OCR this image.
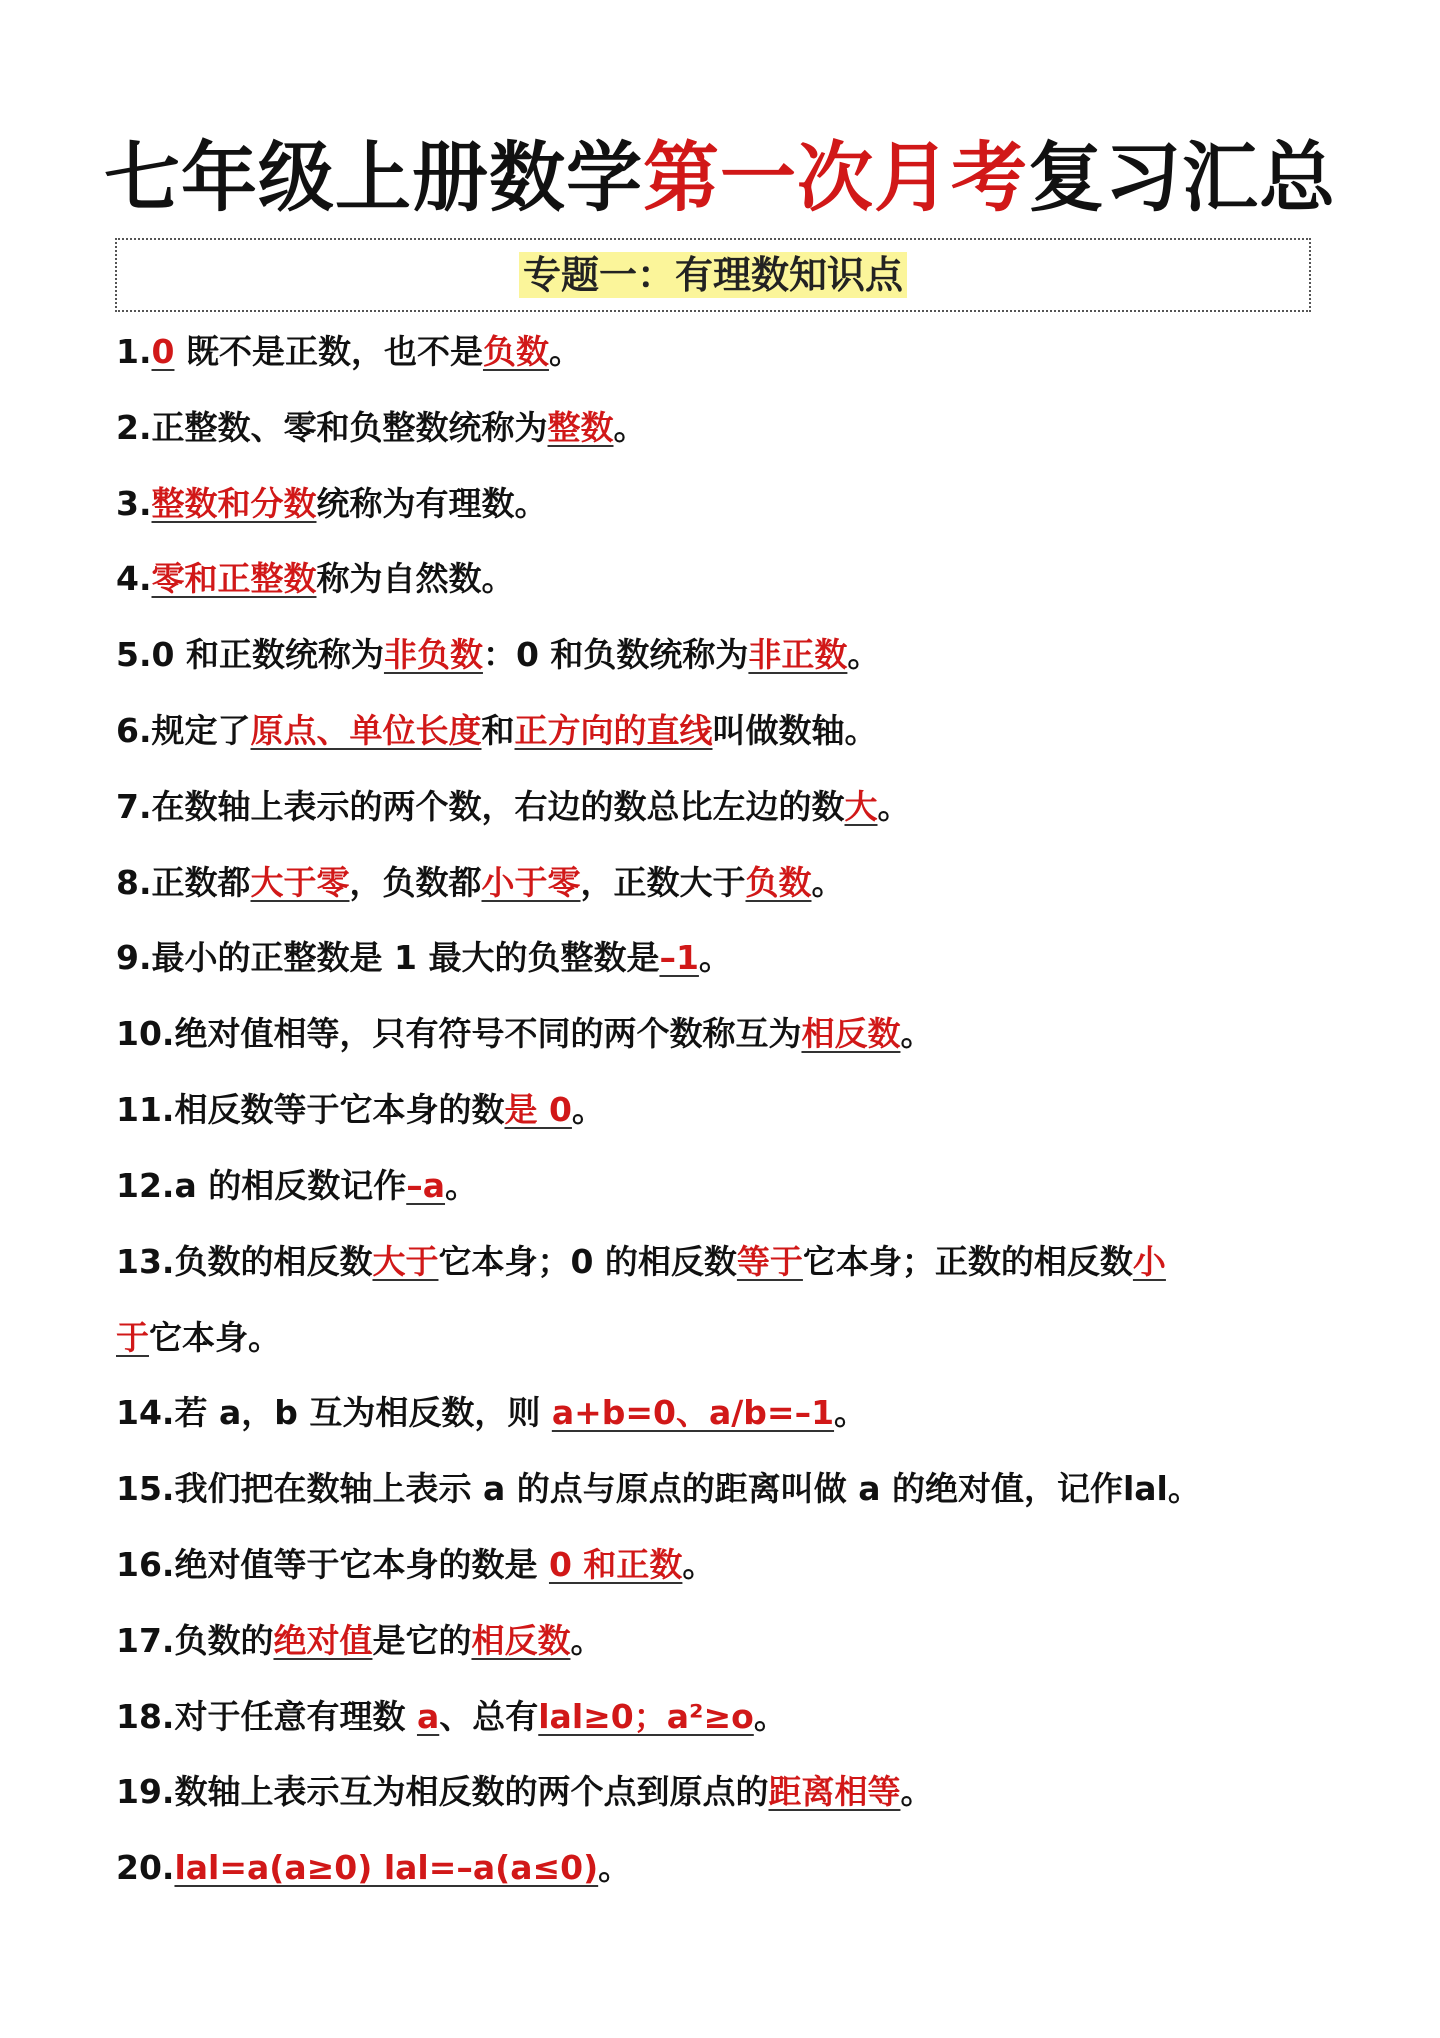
七年级上册数学第一次月考复习汇总
专题一：有理数知识点
1.0 既不是正数，也不是负数。
2.正整数、零和负整数统称为整数。
3.整数和分数统称为有理数。
4.零和正整数称为自然数。
5.0 和正数统称为非负数：0 和负数统称为非正数。
6.规定了原点、单位长度和正方向的直线叫做数轴。
7.在数轴上表示的两个数，右边的数总比左边的数大。
8.正数都大于零，负数都小于零，正数大于负数。
9.最小的正整数是 1 最大的负整数是–1。
10.绝对值相等，只有符号不同的两个数称互为相反数。
11.相反数等于它本身的数是 0。
12.a 的相反数记作–a。
13.负数的相反数大于它本身；0 的相反数等于它本身；正数的相反数小
于它本身。
14.若 a，b 互为相反数，则 a+b=0、a/b=–1。
15.我们把在数轴上表示 a 的点与原点的距离叫做 a 的绝对值，记作lal。
16.绝对值等于它本身的数是 0 和正数。
17.负数的绝对值是它的相反数。
18.对于任意有理数 a、总有lal≥0；a²≥o。
19.数轴上表示互为相反数的两个点到原点的距离相等。
20.lal=a(a≥0) lal=–a(a≤0)。
